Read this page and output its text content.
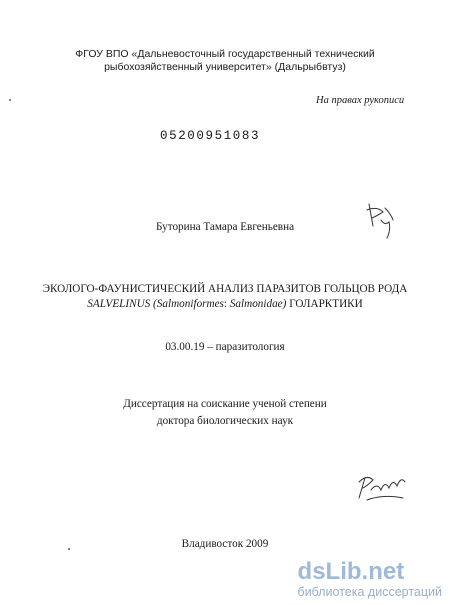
ФГОУ ВПО «Дальневосточный государственный технический
рыбохозяйственный университет» (Дальрыбвтуз)
На правах рукописи
05200951083
Буторина Тамара Евгеньевна
ЭКОЛОГО-ФАУНИСТИЧЕСКИЙ АНАЛИЗ ПАРАЗИТОВ ГОЛЬЦОВ РОДА
SALVELINUS (Salmoniformes: Salmonidae) ГОЛАРКТИКИ
03.00.19 – паразитология
Диссертация на соискание ученой степени
доктора биологических наук
Владивосток 2009
dsLib.net
библиотека диссертаций
